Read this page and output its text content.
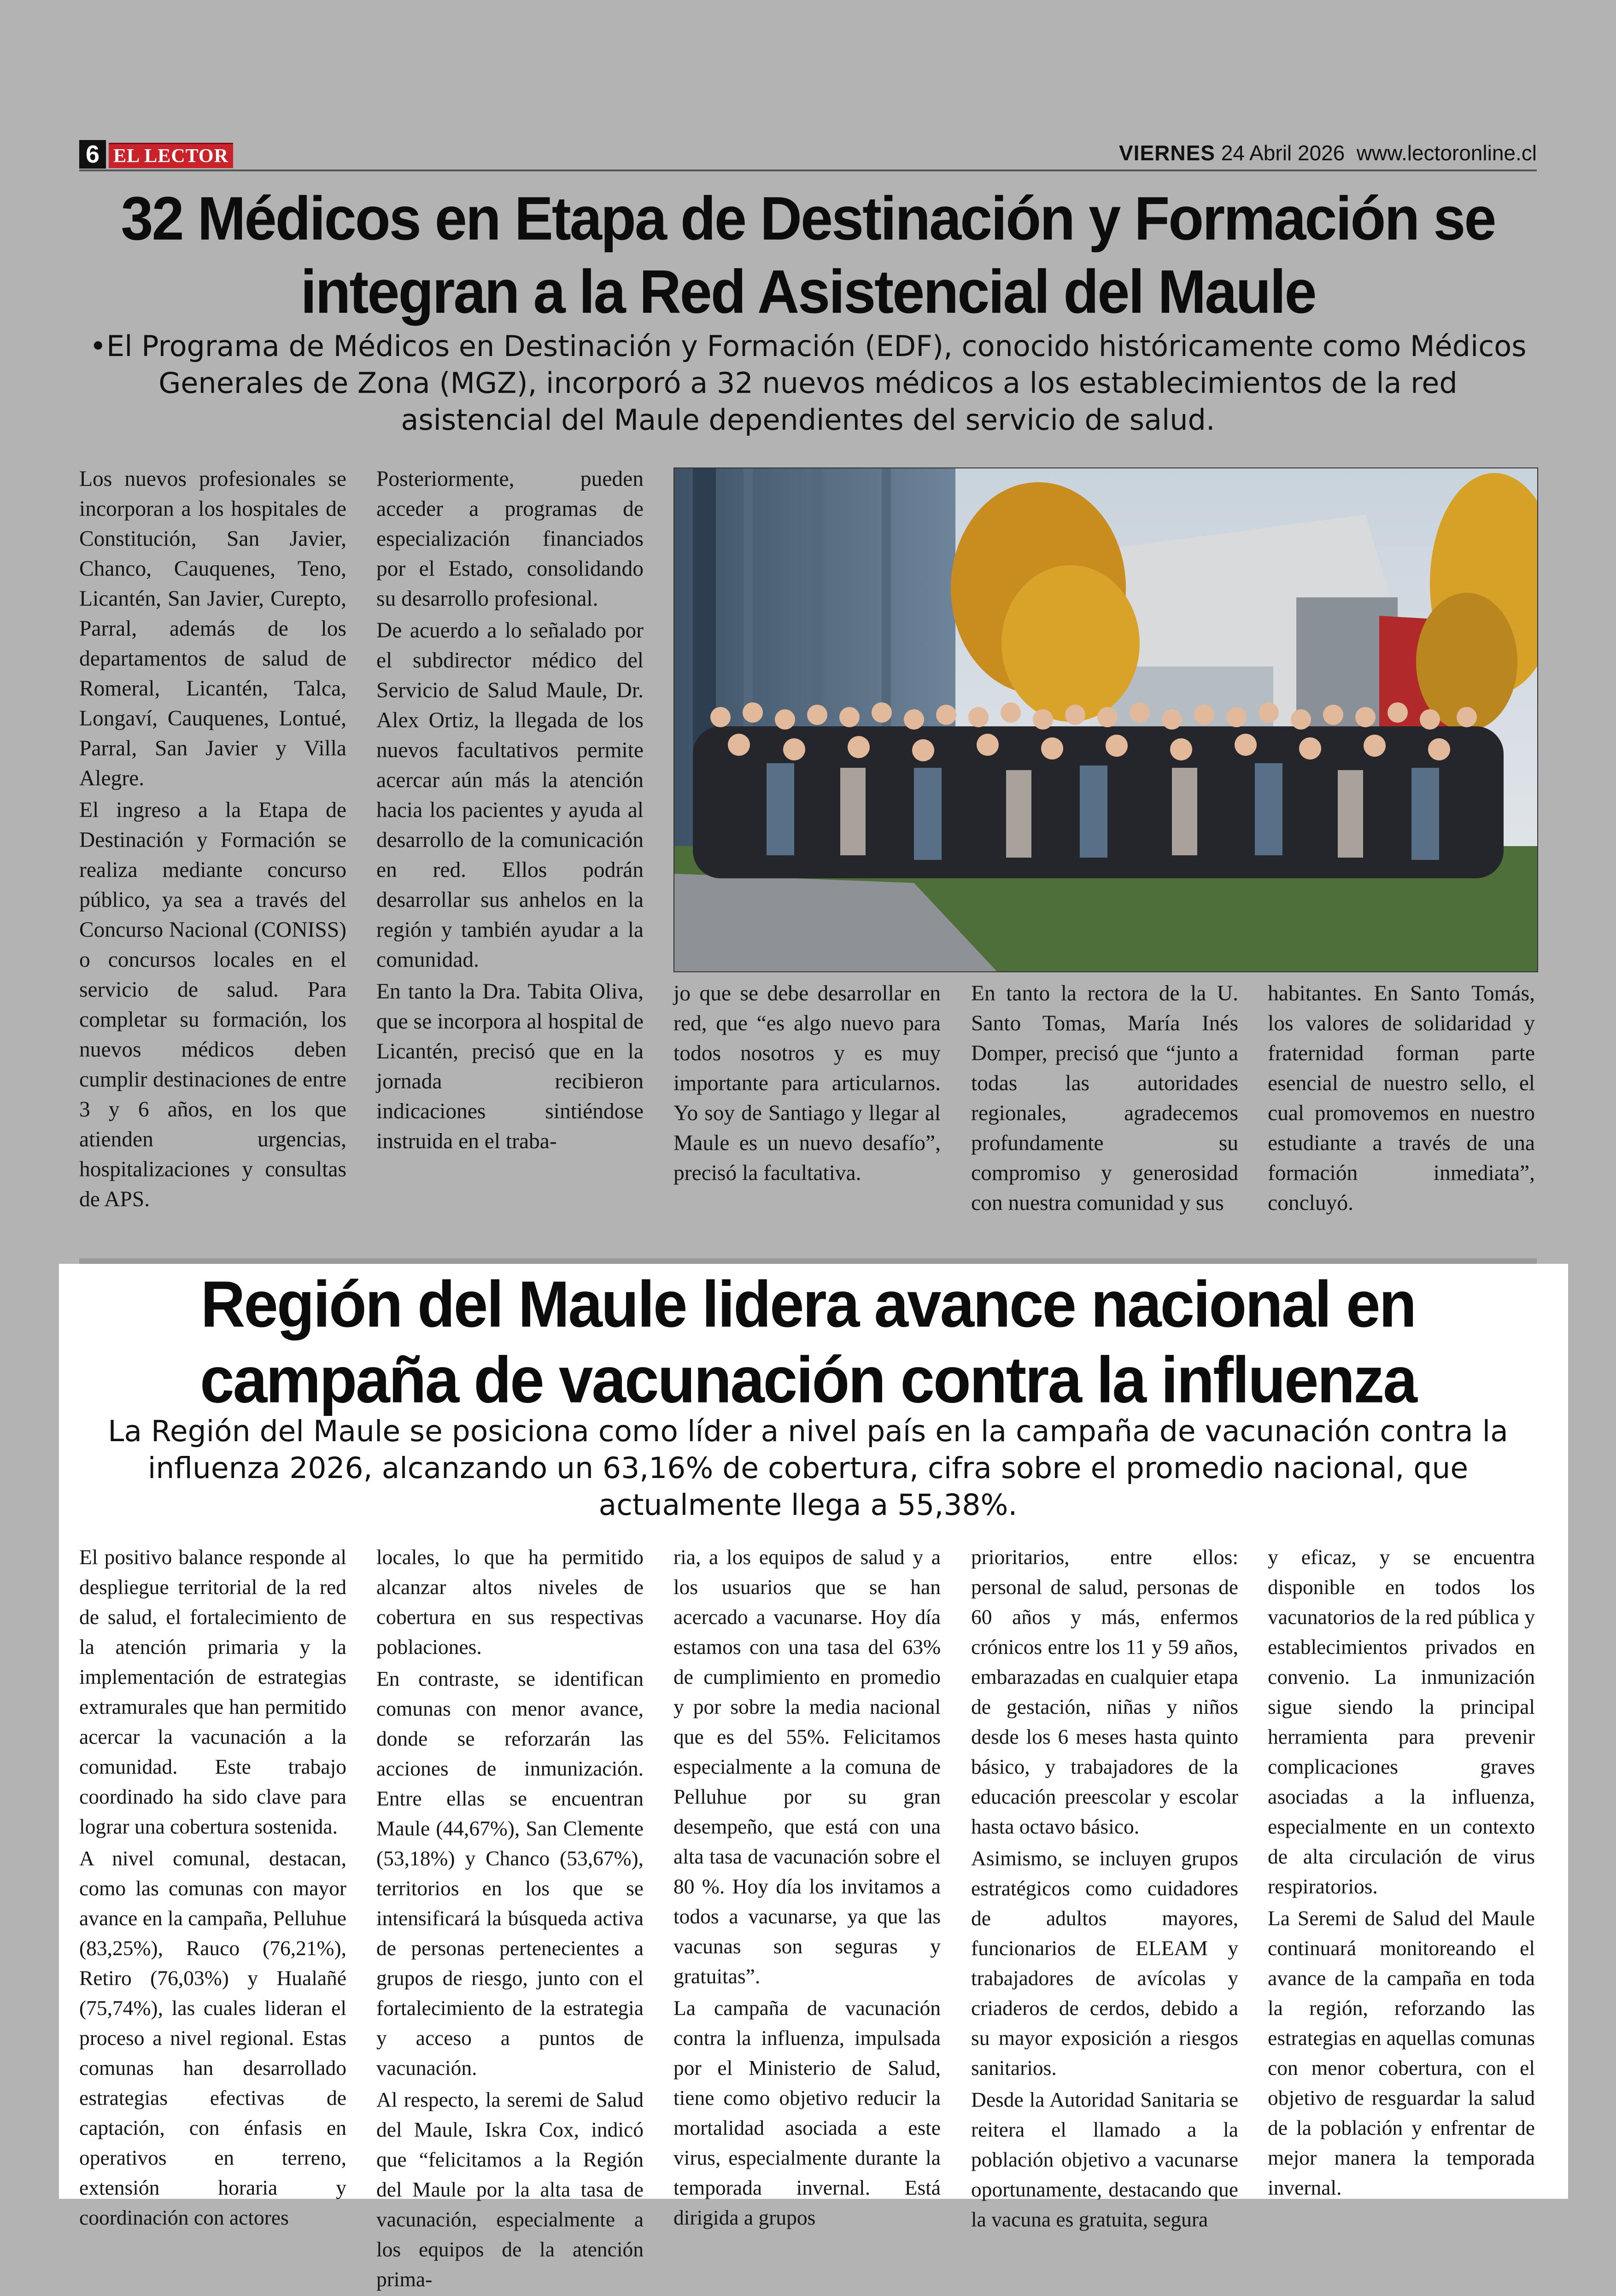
6 EL LECTOR	VIERNES 24 Abril 2026 www.lectoronline.cl
32 Médicos en Etapa de Destinación y Formación se integran a la Red Asistencial del Maule

•El Programa de Médicos en Destinación y Formación (EDF), conocido históricamente como Médicos Generales de Zona (MGZ), incorporó a 32 nuevos médicos a los establecimientos de la red asistencial del Maule dependientes del servicio de salud.

Los nuevos profesionales se incorporan a los hospitales de Constitución, San Javier, Chanco, Cauquenes, Teno, Licantén, San Javier, Curepto, Parral, además de los departamentos de salud de Romeral, Licantén, Talca, Longaví, Cauquenes, Lontué, Parral, San Javier y Villa Alegre.

El ingreso a la Etapa de Destinación y Formación se realiza mediante concurso público, ya sea a través del Concurso Nacional (CONISS) o concursos locales en el servicio de salud. Para completar su formación, los nuevos médicos deben cumplir destinaciones de entre 3 y 6 años, en los que atienden urgencias, hospitalizaciones y consultas de APS.

Posteriormente, pueden acceder a programas de especialización financiados por el Estado, consolidando su desarrollo profesional.

De acuerdo a lo señalado por el subdirector médico del Servicio de Salud Maule, Dr. Alex Ortiz, la llegada de los nuevos facultativos permite acercar aún más la atención hacia los pacientes y ayuda al desarrollo de la comunicación en red. Ellos podrán desarrollar sus anhelos en la región y también ayudar a la comunidad.

En tanto la Dra. Tabita Oliva, que se incorpora al hospital de Licantén, precisó que en la jornada recibieron indicaciones sintiéndose instruida en el traba-

jo que se debe desarrollar en red, que “es algo nuevo para todos nosotros y es muy importante para articularnos. Yo soy de Santiago y llegar al Maule es un nuevo desafío”, precisó la facultativa.

En tanto la rectora de la U. Santo Tomas, María Inés Domper, precisó que “junto a todas las autoridades regionales, agradecemos profundamente su compromiso y generosidad con nuestra comunidad y sus

habitantes. En Santo Tomás, los valores de solidaridad y fraternidad forman parte esencial de nuestro sello, el cual promovemos en nuestro estudiante a través de una formación inmediata”, concluyó.

Región del Maule lidera avance nacional en campaña de vacunación contra la influenza

La Región del Maule se posiciona como líder a nivel país en la campaña de vacunación contra la influenza 2026, alcanzando un 63,16% de cobertura, cifra sobre el promedio nacional, que actualmente llega a 55,38%.

El positivo balance responde al despliegue territorial de la red de salud, el fortalecimiento de la atención primaria y la implementación de estrategias extramurales que han permitido acercar la vacunación a la comunidad. Este trabajo coordinado ha sido clave para lograr una cobertura sostenida.

A nivel comunal, destacan, como las comunas con mayor avance en la campaña, Pelluhue (83,25%), Rauco (76,21%), Retiro (76,03%) y Hualañé (75,74%), las cuales lideran el proceso a nivel regional. Estas comunas han desarrollado estrategias efectivas de captación, con énfasis en operativos en terreno, extensión horaria y coordinación con actores

locales, lo que ha permitido alcanzar altos niveles de cobertura en sus respectivas poblaciones.

En contraste, se identifican comunas con menor avance, donde se reforzarán las acciones de inmunización. Entre ellas se encuentran Maule (44,67%), San Clemente (53,18%) y Chanco (53,67%), territorios en los que se intensificará la búsqueda activa de personas pertenecientes a grupos de riesgo, junto con el fortalecimiento de la estrategia y acceso a puntos de vacunación.

Al respecto, la seremi de Salud del Maule, Iskra Cox, indicó que “felicitamos a la Región del Maule por la alta tasa de vacunación, especialmente a los equipos de la atención prima-

ria, a los equipos de salud y a los usuarios que se han acercado a vacunarse. Hoy día estamos con una tasa del 63% de cumplimiento en promedio y por sobre la media nacional que es del 55%. Felicitamos especialmente a la comuna de Pelluhue por su gran desempeño, que está con una alta tasa de vacunación sobre el 80 %. Hoy día los invitamos a todos a vacunarse, ya que las vacunas son seguras y gratuitas”.

La campaña de vacunación contra la influenza, impulsada por el Ministerio de Salud, tiene como objetivo reducir la mortalidad asociada a este virus, especialmente durante la temporada invernal. Está dirigida a grupos

prioritarios, entre ellos: personal de salud, personas de 60 años y más, enfermos crónicos entre los 11 y 59 años, embarazadas en cualquier etapa de gestación, niñas y niños desde los 6 meses hasta quinto básico, y trabajadores de la educación preescolar y escolar hasta octavo básico.

Asimismo, se incluyen grupos estratégicos como cuidadores de adultos mayores, funcionarios de ELEAM y trabajadores de avícolas y criaderos de cerdos, debido a su mayor exposición a riesgos sanitarios.

Desde la Autoridad Sanitaria se reitera el llamado a la población objetivo a vacunarse oportunamente, destacando que la vacuna es gratuita, segura

y eficaz, y se encuentra disponible en todos los vacunatorios de la red pública y establecimientos privados en convenio. La inmunización sigue siendo la principal herramienta para prevenir complicaciones graves asociadas a la influenza, especialmente en un contexto de alta circulación de virus respiratorios.

La Seremi de Salud del Maule continuará monitoreando el avance de la campaña en toda la región, reforzando las estrategias en aquellas comunas con menor cobertura, con el objetivo de resguardar la salud de la población y enfrentar de mejor manera la temporada invernal.
